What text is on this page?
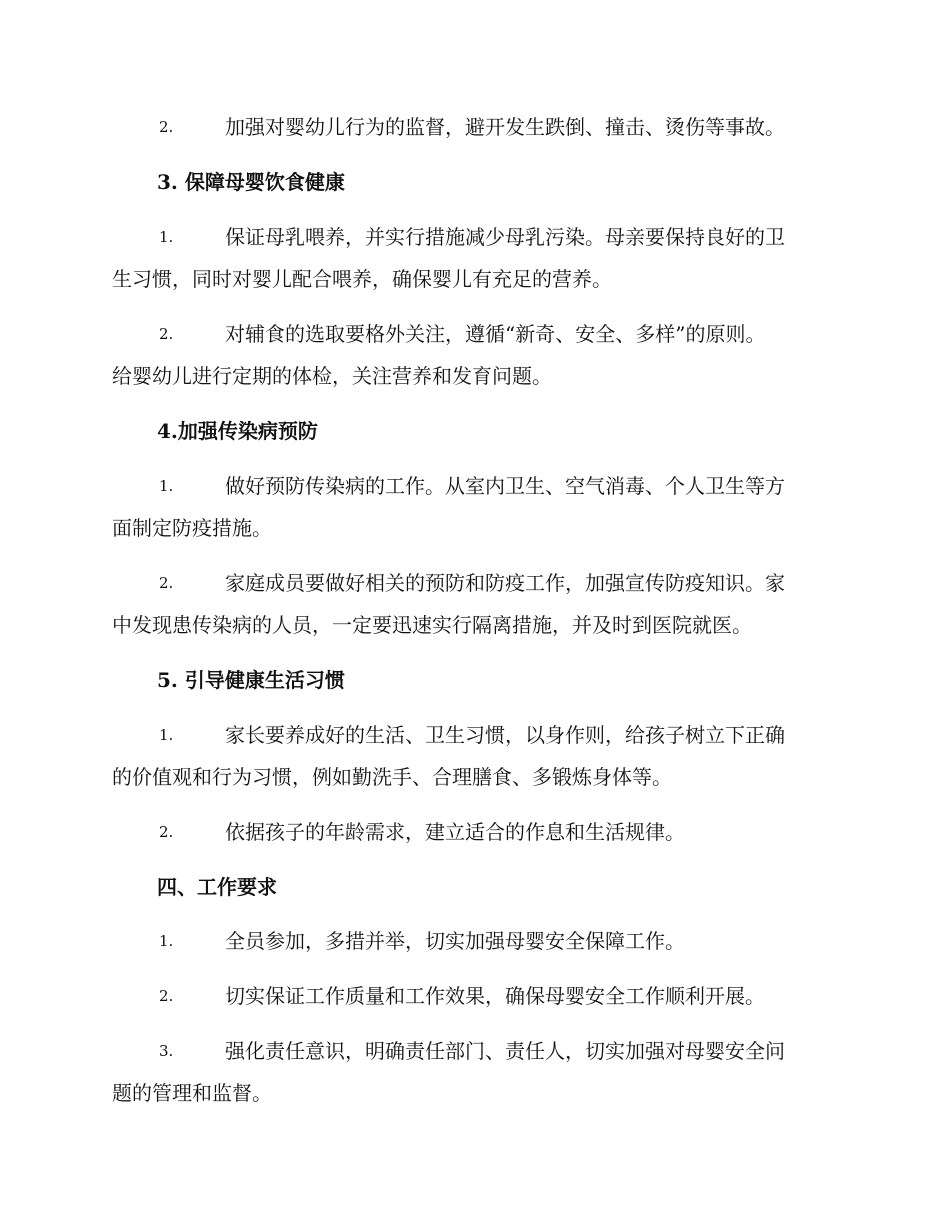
2.	加强对婴幼儿行为的监督，避开发生跌倒、撞击、烫伤等事故。
3. 保障母婴饮食健康
1.	保证母乳喂养，并实行措施减少母乳污染。母亲要保持良好的卫
生习惯，同时对婴儿配合喂养，确保婴儿有充足的营养。
2.	对辅食的选取要格外关注，遵循“新奇、安全、多样”的原则。
给婴幼儿进行定期的体检，关注营养和发育问题。
4.加强传染病预防
1.	做好预防传染病的工作。从室内卫生、空气消毒、个人卫生等方
面制定防疫措施。
2.	家庭成员要做好相关的预防和防疫工作，加强宣传防疫知识。家
中发现患传染病的人员，一定要迅速实行隔离措施，并及时到医院就医。
5. 引导健康生活习惯
1.	家长要养成好的生活、卫生习惯，以身作则，给孩子树立下正确
的价值观和行为习惯，例如勤洗手、合理膳食、多锻炼身体等。
2.	依据孩子的年龄需求，建立适合的作息和生活规律。
四、工作要求
1.	全员参加，多措并举，切实加强母婴安全保障工作。
2.	切实保证工作质量和工作效果，确保母婴安全工作顺利开展。
3.	强化责任意识，明确责任部门、责任人，切实加强对母婴安全问
题的管理和监督。
